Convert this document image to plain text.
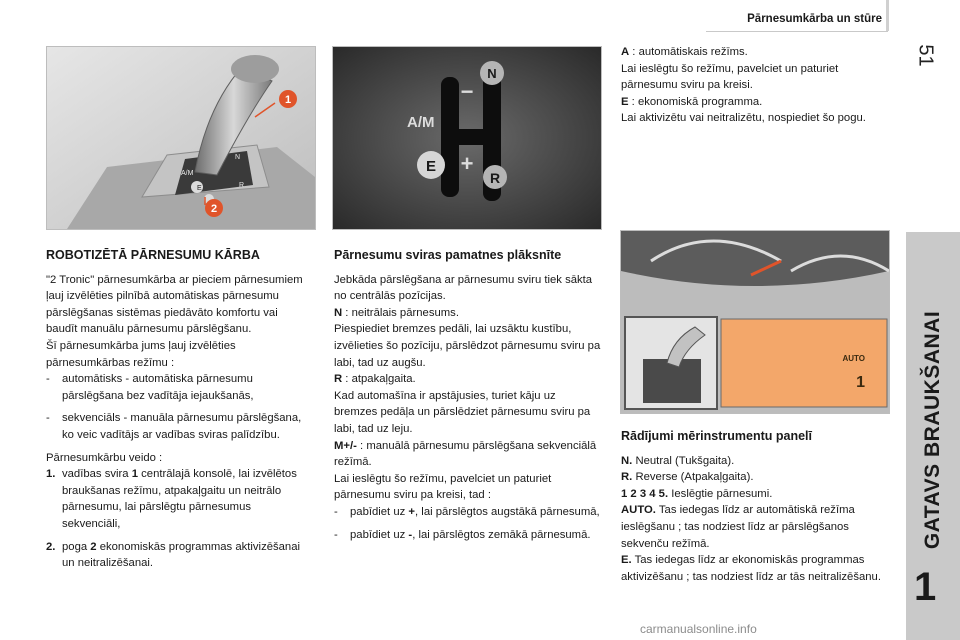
Pārnesumkārba un stūre
51
GATAVS BRAUKŠANAI
1
A/M
E
N
R
1
2
N
A/M
E
R
−
+
AUTO
1
ROBOTIZĒTĀ PĀRNESUMU KĀRBA

"2 Tronic" pārnesumkārba ar pieciem pārnesumiem ļauj izvēlēties pilnībā automātiskas pārnesumu pārslēgšanas sistēmas piedāvāto komfortu vai baudīt manuālu pārnesumu pārslēgšanu.

Šī pārnesumkārba jums ļauj izvēlēties pārnesumkārbas režīmu :

-	automātisks - automātiska pārnesumu pārslēgšana bez vadītāja iejaukšanās,
-	sekvenciāls - manuāla pārnesumu pārslēgšana, ko veic vadītājs ar vadības sviras palīdzību.

Pārnesumkārbu veido :

1. vadības svira 1 centrālajā konsolē, lai izvēlētos braukšanas režīmu, atpakaļgaitu un neitrālo pārnesumu, lai pārslēgtu pārnesumus sekvenciāli,
2. poga 2 ekonomiskās programmas aktivizēšanai un neitralizēšanai.
Pārnesumu sviras pamatnes plāksnīte

Jebkāda pārslēgšana ar pārnesumu sviru tiek sākta no centrālās pozīcijas.

N : neitrālais pārnesums.
Piespiediet bremzes pedāli, lai uzsāktu kustību, izvēlieties šo pozīciju, pārslēdzot pārnesumu sviru pa labi, tad uz augšu.
R : atpakaļgaita.
Kad automašīna ir apstājusies, turiet kāju uz bremzes pedāļa un pārslēdziet pārnesumu sviru pa labi, tad uz leju.
M+/- : manuālā pārnesumu pārslēgšana sekvenciālā režīmā.
Lai ieslēgtu šo režīmu, pavelciet un paturiet pārnesumu sviru pa kreisi, tad :
-	pabīdiet uz +, lai pārslēgtos augstākā pārnesumā,
-	pabīdiet uz -, lai pārslēgtos zemākā pārnesumā.
A : automātiskais režīms.
Lai ieslēgtu šo režīmu, pavelciet un paturiet pārnesumu sviru pa kreisi.
E : ekonomiskā programma.
Lai aktivizētu vai neitralizētu, nospiediet šo pogu.
Rādījumi mērinstrumentu panelī
N. Neutral (Tukšgaita).
R. Reverse (Atpakaļgaita).
1 2 3 4 5. Ieslēgtie pārnesumi.
AUTO. Tas iedegas līdz ar automātiskā režīma ieslēgšanu ; tas nodziest līdz ar pārslēgšanos sekvenču režīmā.
E. Tas iedegas līdz ar ekonomiskās programmas aktivizēšanu ; tas nodziest līdz ar tās neitralizēšanu.
carmanualsonline.info
